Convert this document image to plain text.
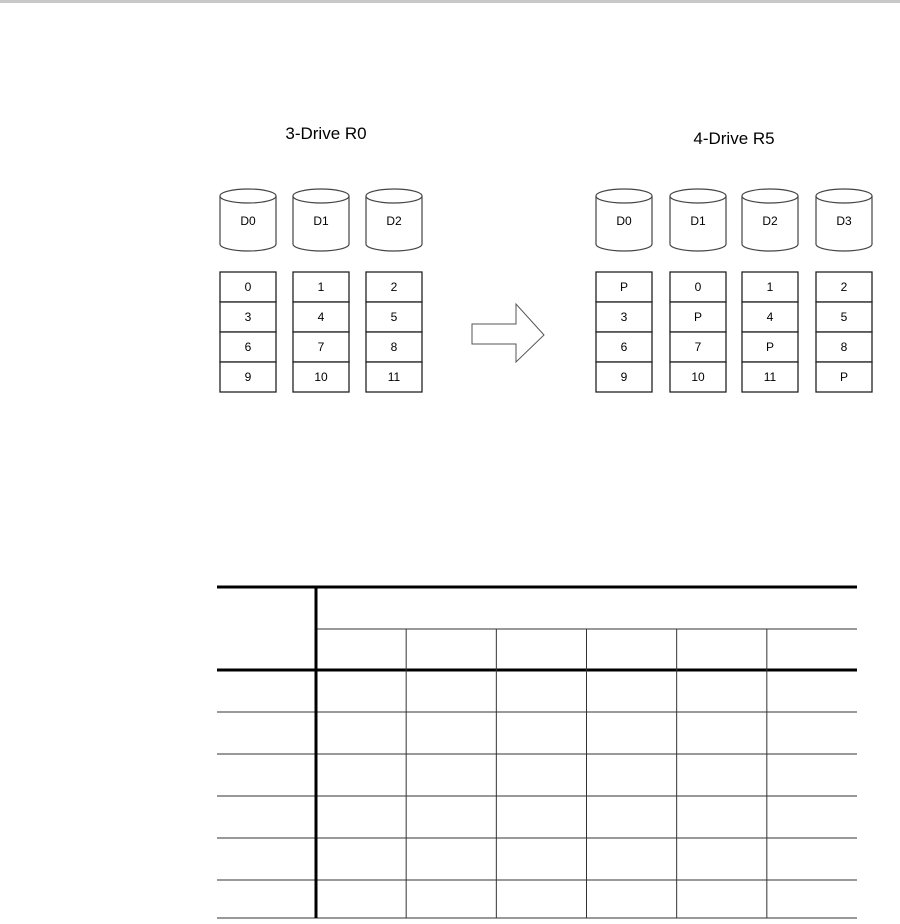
3-Drive R0
D0
0
3
6
9
D1
1
4
7
10
D2
2
5
8
11
4-Drive R5
D0
P
3
6
9
D1
0
P
7
10
D2
1
4
P
11
D3
2
5
8
P
